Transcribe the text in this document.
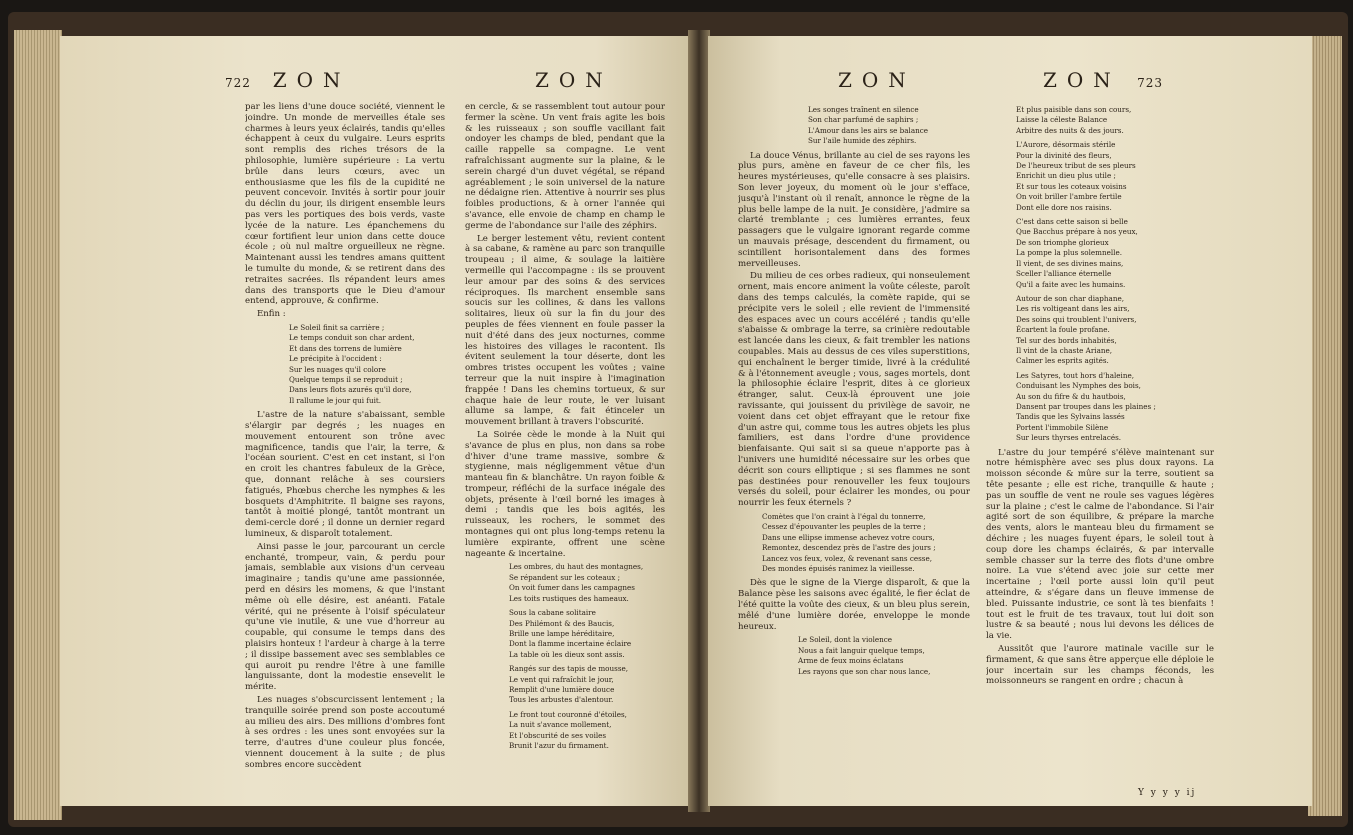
722 ZON	ZON

par les liens d'une douce société, viennent le joindre. Un monde de merveilles étale ses charmes à leurs yeux éclairés, tandis qu'elles échappent à ceux du vulgaire. Leurs esprits sont remplis des riches trésors de la philosophie, lumière supérieure : La vertu brûle dans leurs cœurs, avec un enthousiasme que les fils de la cupidité ne peuvent concevoir. Invités à sortir pour jouir du déclin du jour, ils dirigent ensemble leurs pas vers les portiques des bois verds, vaste lycée de la nature. Les épanchemens du cœur fortifient leur union dans cette douce école ; où nul maître orgueilleux ne règne. Maintenant aussi les tendres amans quittent le tumulte du monde, & se retirent dans des retraites sacrées. Ils répandent leurs ames dans des transports que le Dieu d'amour entend, approuve, & confirme.

Enfin :

Le Soleil finit sa carrière ;
Le temps conduit son char ardent,
Et dans des torrens de lumière
Le précipite à l'occident :
Sur les nuages qu'il colore
Quelque temps il se reproduit ;
Dans leurs flots azurés qu'il dore,
Il rallume le jour qui fuit.

L'astre de la nature s'abaissant, semble s'élargir par degrés ; les nuages en mouvement entourent son trône avec magnificence, tandis que l'air, la terre, & l'océan sourient. C'est en cet instant, si l'on en croit les chantres fabuleux de la Grèce, que, donnant relâche à ses coursiers fatigués, Phœbus cherche les nymphes & les bosquets d'Amphitrite. Il baigne ses rayons, tantôt à moitié plongé, tantôt montrant un demi-cercle doré ; il donne un dernier regard lumineux, & disparoît totalement.

Ainsi passe le jour, parcourant un cercle enchanté, trompeur, vain, & perdu pour jamais, semblable aux visions d'un cerveau imaginaire ; tandis qu'une ame passionnée, perd en désirs les momens, & que l'instant même où elle désire, est anéanti. Fatale vérité, qui ne présente à l'oisif spéculateur qu'une vie inutile, & une vue d'horreur au coupable, qui consume le temps dans des plaisirs honteux ! l'ardeur à charge à la terre ; il dissipe bassement avec ses semblables ce qui auroit pu rendre l'être à une famille languissante, dont la modestie ensevelit le mérite.

Les nuages s'obscurcissent lentement ; la tranquille soirée prend son poste accoutumé au milieu des airs. Des millions d'ombres font à ses ordres : les unes sont envoyées sur la terre, d'autres d'une couleur plus foncée, viennent doucement à la suite ; de plus sombres encore succèdent

en cercle, & se rassemblent tout autour pour fermer la scène. Un vent frais agite les bois & les ruisseaux ; son souffle vacillant fait ondoyer les champs de bled, pendant que la caille rappelle sa compagne. Le vent rafraîchissant augmente sur la plaine, & le serein chargé d'un duvet végétal, se répand agréablement ; le soin universel de la nature ne dédaigne rien. Attentive à nourrir ses plus foibles productions, & à orner l'année qui s'avance, elle envoie de champ en champ le germe de l'abondance sur l'aile des zéphirs.

Le berger lestement vêtu, revient content à sa cabane, & ramène au parc son tranquille troupeau ; il aime, & soulage la laitière vermeille qui l'accompagne : ils se prouvent leur amour par des soins & des services réciproques. Ils marchent ensemble sans soucis sur les collines, & dans les vallons solitaires, lieux où sur la fin du jour des peuples de fées viennent en foule passer la nuit d'été dans des jeux nocturnes, comme les histoires des villages le racontent. Ils évitent seulement la tour déserte, dont les ombres tristes occupent les voûtes ; vaine terreur que la nuit inspire à l'imagination frappée ! Dans les chemins tortueux, & sur chaque haie de leur route, le ver luisant allume sa lampe, & fait étinceler un mouvement brillant à travers l'obscurité.

La Soirée cède le monde à la Nuit qui s'avance de plus en plus, non dans sa robe d'hiver d'une trame massive, sombre & stygienne, mais négligemment vêtue d'un manteau fin & blanchâtre. Un rayon foible & trompeur, réfléchi de la surface inégale des objets, présente à l'œil borné les images à demi ; tandis que les bois agités, les ruisseaux, les rochers, le sommet des montagnes qui ont plus long-temps retenu la lumière expirante, offrent une scène nageante & incertaine.

Les ombres, du haut des montagnes,
Se répandent sur les coteaux ;
On voit fumer dans les campagnes
Les toits rustiques des hameaux.
Sous la cabane solitaire
Des Philémont & des Baucis,
Brille une lampe héréditaire,
Dont la flamme incertaine éclaire
La table où les dieux sont assis.
Rangés sur des tapis de mousse,
Le vent qui rafraîchit le jour,
Remplit d'une lumière douce
Tous les arbustes d'alentour.
Le front tout couronné d'étoiles,
La nuit s'avance mollement,
Et l'obscurité de ses voiles
Brunit l'azur du firmament.
ZON	ZON 723
Les songes traînent en silence
Son char parfumé de saphirs ;
L'Amour dans les airs se balance
Sur l'aile humide des zéphirs.

La douce Vénus, brillante au ciel de ses rayons les plus purs, amène en faveur de ce cher fils, les heures mystérieuses, qu'elle consacre à ses plaisirs. Son lever joyeux, du moment où le jour s'efface, jusqu'à l'instant où il renaît, annonce le règne de la plus belle lampe de la nuit. Je considère, j'admire sa clarté tremblante ; ces lumières errantes, feux passagers que le vulgaire ignorant regarde comme un mauvais présage, descendent du firmament, ou scintillent horisontalement dans des formes merveilleuses.

Du milieu de ces orbes radieux, qui nonseulement ornent, mais encore animent la voûte céleste, paroît dans des temps calculés, la comète rapide, qui se précipite vers le soleil ; elle revient de l'immensité des espaces avec un cours accéléré ; tandis qu'elle s'abaisse & ombrage la terre, sa crinière redoutable est lancée dans les cieux, & fait trembler les nations coupables. Mais au dessus de ces viles superstitions, qui enchaînent le berger timide, livré à la crédulité & à l'étonnement aveugle ; vous, sages mortels, dont la philosophie éclaire l'esprit, dites à ce glorieux étranger, salut. Ceux-là éprouvent une joie ravissante, qui jouissent du privilège de savoir, ne voient dans cet objet effrayant que le retour fixe d'un astre qui, comme tous les autres objets les plus familiers, est dans l'ordre d'une providence bienfaisante. Qui sait si sa queue n'apporte pas à l'univers une humidité nécessaire sur les orbes que décrit son cours elliptique ; si ses flammes ne sont pas destinées pour renouveller les feux toujours versés du soleil, pour éclairer les mondes, ou pour nourrir les feux éternels ?

Comètes que l'on craint à l'égal du tonnerre,
Cessez d'épouvanter les peuples de la terre ;
Dans une ellipse immense achevez votre cours,
Remontez, descendez près de l'astre des jours ;
Lancez vos feux, volez, & revenant sans cesse,
Des mondes épuisés ranimez la vieillesse.

Dès que le signe de la Vierge disparoît, & que la Balance pèse les saisons avec égalité, le fier éclat de l'été quitte la voûte des cieux, & un bleu plus serein, mêlé d'une lumière dorée, enveloppe le monde heureux.

Le Soleil, dont la violence
Nous a fait languir quelque temps,
Arme de feux moins éclatans
Les rayons que son char nous lance,
Et plus paisible dans son cours,
Laisse la céleste Balance
Arbitre des nuits & des jours.
L'Aurore, désormais stérile
Pour la divinité des fleurs,
De l'heureux tribut de ses pleurs
Enrichit un dieu plus utile ;
Et sur tous les coteaux voisins
On voit briller l'ambre fertile
Dont elle dore nos raisins.
C'est dans cette saison si belle
Que Bacchus prépare à nos yeux,
De son triomphe glorieux
La pompe la plus solemnelle.
Il vient, de ses divines mains,
Sceller l'alliance éternelle
Qu'il a faite avec les humains.
Autour de son char diaphane,
Les ris voltigeant dans les airs,
Des soins qui troublent l'univers,
Écartent la foule profane.
Tel sur des bords inhabités,
Il vint de la chaste Ariane,
Calmer les esprits agités.
Les Satyres, tout hors d'haleine,
Conduisant les Nymphes des bois,
Au son du fifre & du hautbois,
Dansent par troupes dans les plaines ;
Tandis que les Sylvains lassés
Portent l'immobile Silène
Sur leurs thyrses entrelacés.

L'astre du jour tempéré s'élève maintenant sur notre hémisphère avec ses plus doux rayons. La moisson séconde & mûre sur la terre, soutient sa tête pesante ; elle est riche, tranquille & haute ; pas un souffle de vent ne roule ses vagues légères sur la plaine ; c'est le calme de l'abondance. Si l'air agité sort de son équilibre, & prépare la marche des vents, alors le manteau bleu du firmament se déchire ; les nuages fuyent épars, le soleil tout à coup dore les champs éclairés, & par intervalle semble chasser sur la terre des flots d'une ombre noire. La vue s'étend avec joie sur cette mer incertaine ; l'œil porte aussi loin qu'il peut atteindre, & s'égare dans un fleuve immense de bled. Puissante industrie, ce sont là tes bienfaits ! tout est le fruit de tes travaux, tout lui doit son lustre & sa beauté ; nous lui devons les délices de la vie.

Aussitôt que l'aurore matinale vacille sur le firmament, & que sans être apperçue elle déploie le jour incertain sur les champs féconds, les moissonneurs se rangent en ordre ; chacun à

Y y y y ij
